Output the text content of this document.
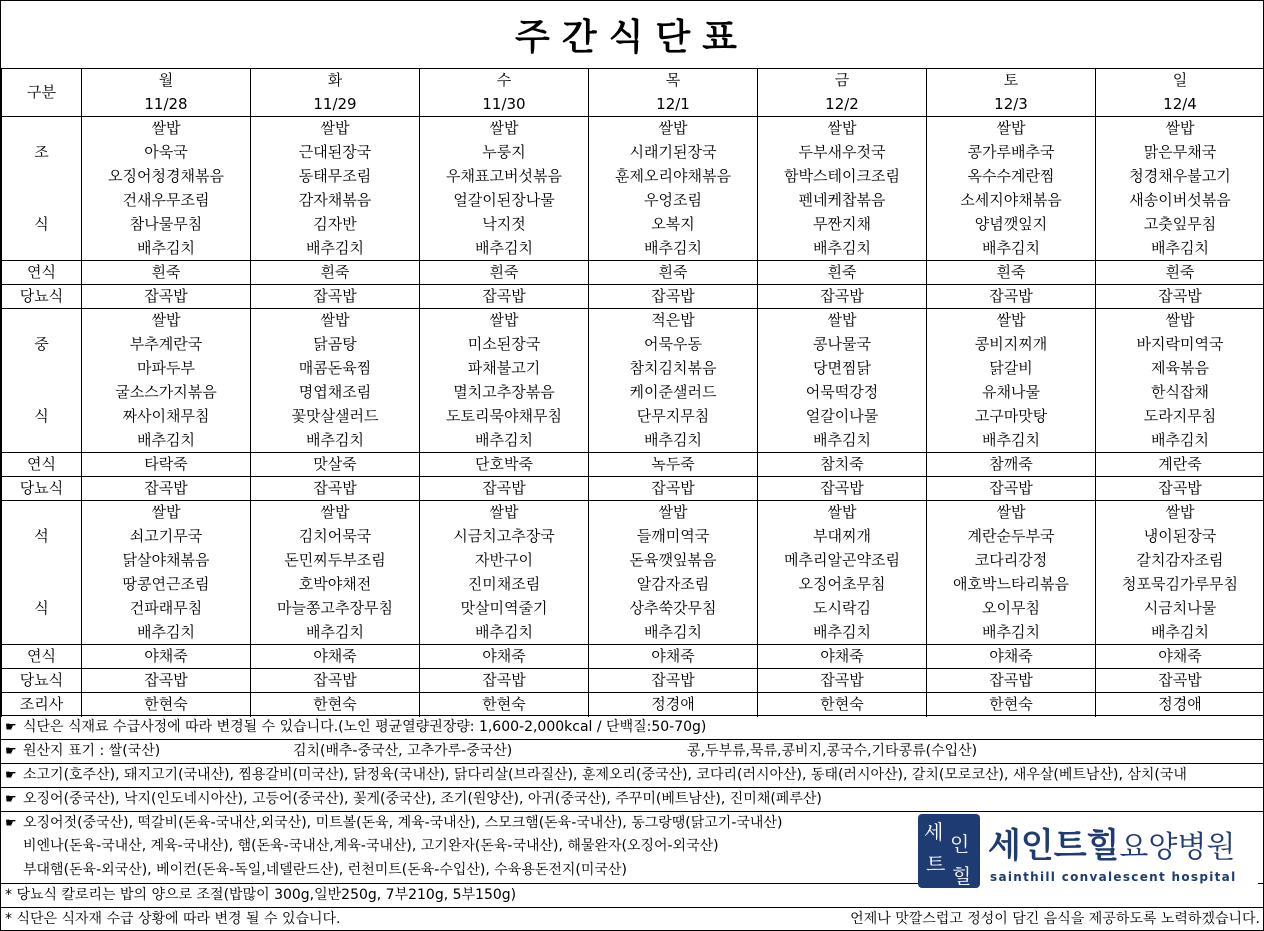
주간식단표
구분	월	화	수	목	금	토	일
	11/28	11/29	11/30	12/1	12/2	12/3	12/4
	쌀밥	쌀밥	쌀밥	쌀밥	쌀밥	쌀밥	쌀밥
조	아욱국	근대된장국	누룽지	시래기된장국	두부새우젓국	콩가루배추국	맑은무채국
	오징어청경채볶음	동태무조림	우채표고버섯볶음	훈제오리야채볶음	함박스테이크조림	옥수수계란찜	청경채우불고기
	건새우무조림	감자채볶음	얼갈이된장나물	우엉조림	펜네케찹볶음	소세지야채볶음	새송이버섯볶음
식	참나물무침	김자반	낙지젓	오복지	무짠지채	양념깻잎지	고춧잎무침
	배추김치	배추김치	배추김치	배추김치	배추김치	배추김치	배추김치
연식	흰죽	흰죽	흰죽	흰죽	흰죽	흰죽	흰죽
당뇨식	잡곡밥	잡곡밥	잡곡밥	잡곡밥	잡곡밥	잡곡밥	잡곡밥
	쌀밥	쌀밥	쌀밥	적은밥	쌀밥	쌀밥	쌀밥
중	부추계란국	닭곰탕	미소된장국	어묵우동	콩나물국	콩비지찌개	바지락미역국
	마파두부	매콤돈육찜	파채불고기	참치김치볶음	당면찜닭	닭갈비	제육볶음
	굴소스가지볶음	명엽채조림	멸치고추장볶음	케이준샐러드	어묵떡강정	유채나물	한식잡채
식	짜사이채무침	꽃맛살샐러드	도토리묵야채무침	단무지무침	얼갈이나물	고구마맛탕	도라지무침
	배추김치	배추김치	배추김치	배추김치	배추김치	배추김치	배추김치
연식	타락죽	맛살죽	단호박죽	녹두죽	참치죽	참깨죽	계란죽
당뇨식	잡곡밥	잡곡밥	잡곡밥	잡곡밥	잡곡밥	잡곡밥	잡곡밥
	쌀밥	쌀밥	쌀밥	쌀밥	쌀밥	쌀밥	쌀밥
석	쇠고기무국	김치어묵국	시금치고추장국	들깨미역국	부대찌개	계란순두부국	냉이된장국
	닭살야채볶음	돈민찌두부조림	자반구이	돈육깻잎볶음	메추리알곤약조림	코다리강정	갈치감자조림
	땅콩연근조림	호박야채전	진미채조림	알감자조림	오징어초무침	애호박느타리볶음	청포묵김가루무침
식	건파래무침	마늘쫑고추장무침	맛살미역줄기	상추쑥갓무침	도시락김	오이무침	시금치나물
	배추김치	배추김치	배추김치	배추김치	배추김치	배추김치	배추김치
연식	야채죽	야채죽	야채죽	야채죽	야채죽	야채죽	야채죽
당뇨식	잡곡밥	잡곡밥	잡곡밥	잡곡밥	잡곡밥	잡곡밥	잡곡밥
조리사	한현숙	한현숙	한현숙	정경애	한현숙	한현숙	정경애
☛ 식단은 식재료 수급사정에 따라 변경될 수 있습니다.(노인 평균열량권장량: 1,600-2,000kcal / 단백질:50-70g)
☛ 원산지 표기 : 쌀(국산)	김치(배추-중국산, 고추가루-중국산)	콩,두부류,묵류,콩비지,콩국수,기타콩류(수입산)
☛ 소고기(호주산), 돼지고기(국내산), 찜용갈비(미국산), 닭정육(국내산), 닭다리살(브라질산), 훈제오리(중국산), 코다리(러시아산), 동태(러시아산), 갈치(모로코산), 새우살(베트남산), 삼치(국내
☛ 오징어(중국산), 낙지(인도네시아산), 고등어(중국산), 꽃게(중국산), 조기(원양산), 아귀(중국산), 주꾸미(베트남산), 진미채(페루산)
☛ 오징어젓(중국산), 떡갈비(돈육-국내산,외국산), 미트볼(돈육, 계육-국내산), 스모크햄(돈육-국내산), 동그랑땡(닭고기-국내산)
비엔나(돈육-국내산, 계육-국내산), 햄(돈육-국내산,계육-국내산), 고기완자(돈육-국내산), 해물완자(오징어-외국산)
부대햄(돈육-외국산), 베이컨(돈육-독일,네델란드산), 런천미트(돈육-수입산), 수육용돈전지(미국산)
* 당뇨식 칼로리는 밥의 양으로 조절(밥많이 300g,일반250g, 7부210g, 5부150g)
* 식단은 식자재 수급 상황에 따라 변경 될 수 있습니다.	언제나 맛깔스럽고 정성이 담긴 음식을 제공하도록 노력하겠습니다.
세 인
트 힐
세인트힐요양병원
sainthill convalescent hospital
